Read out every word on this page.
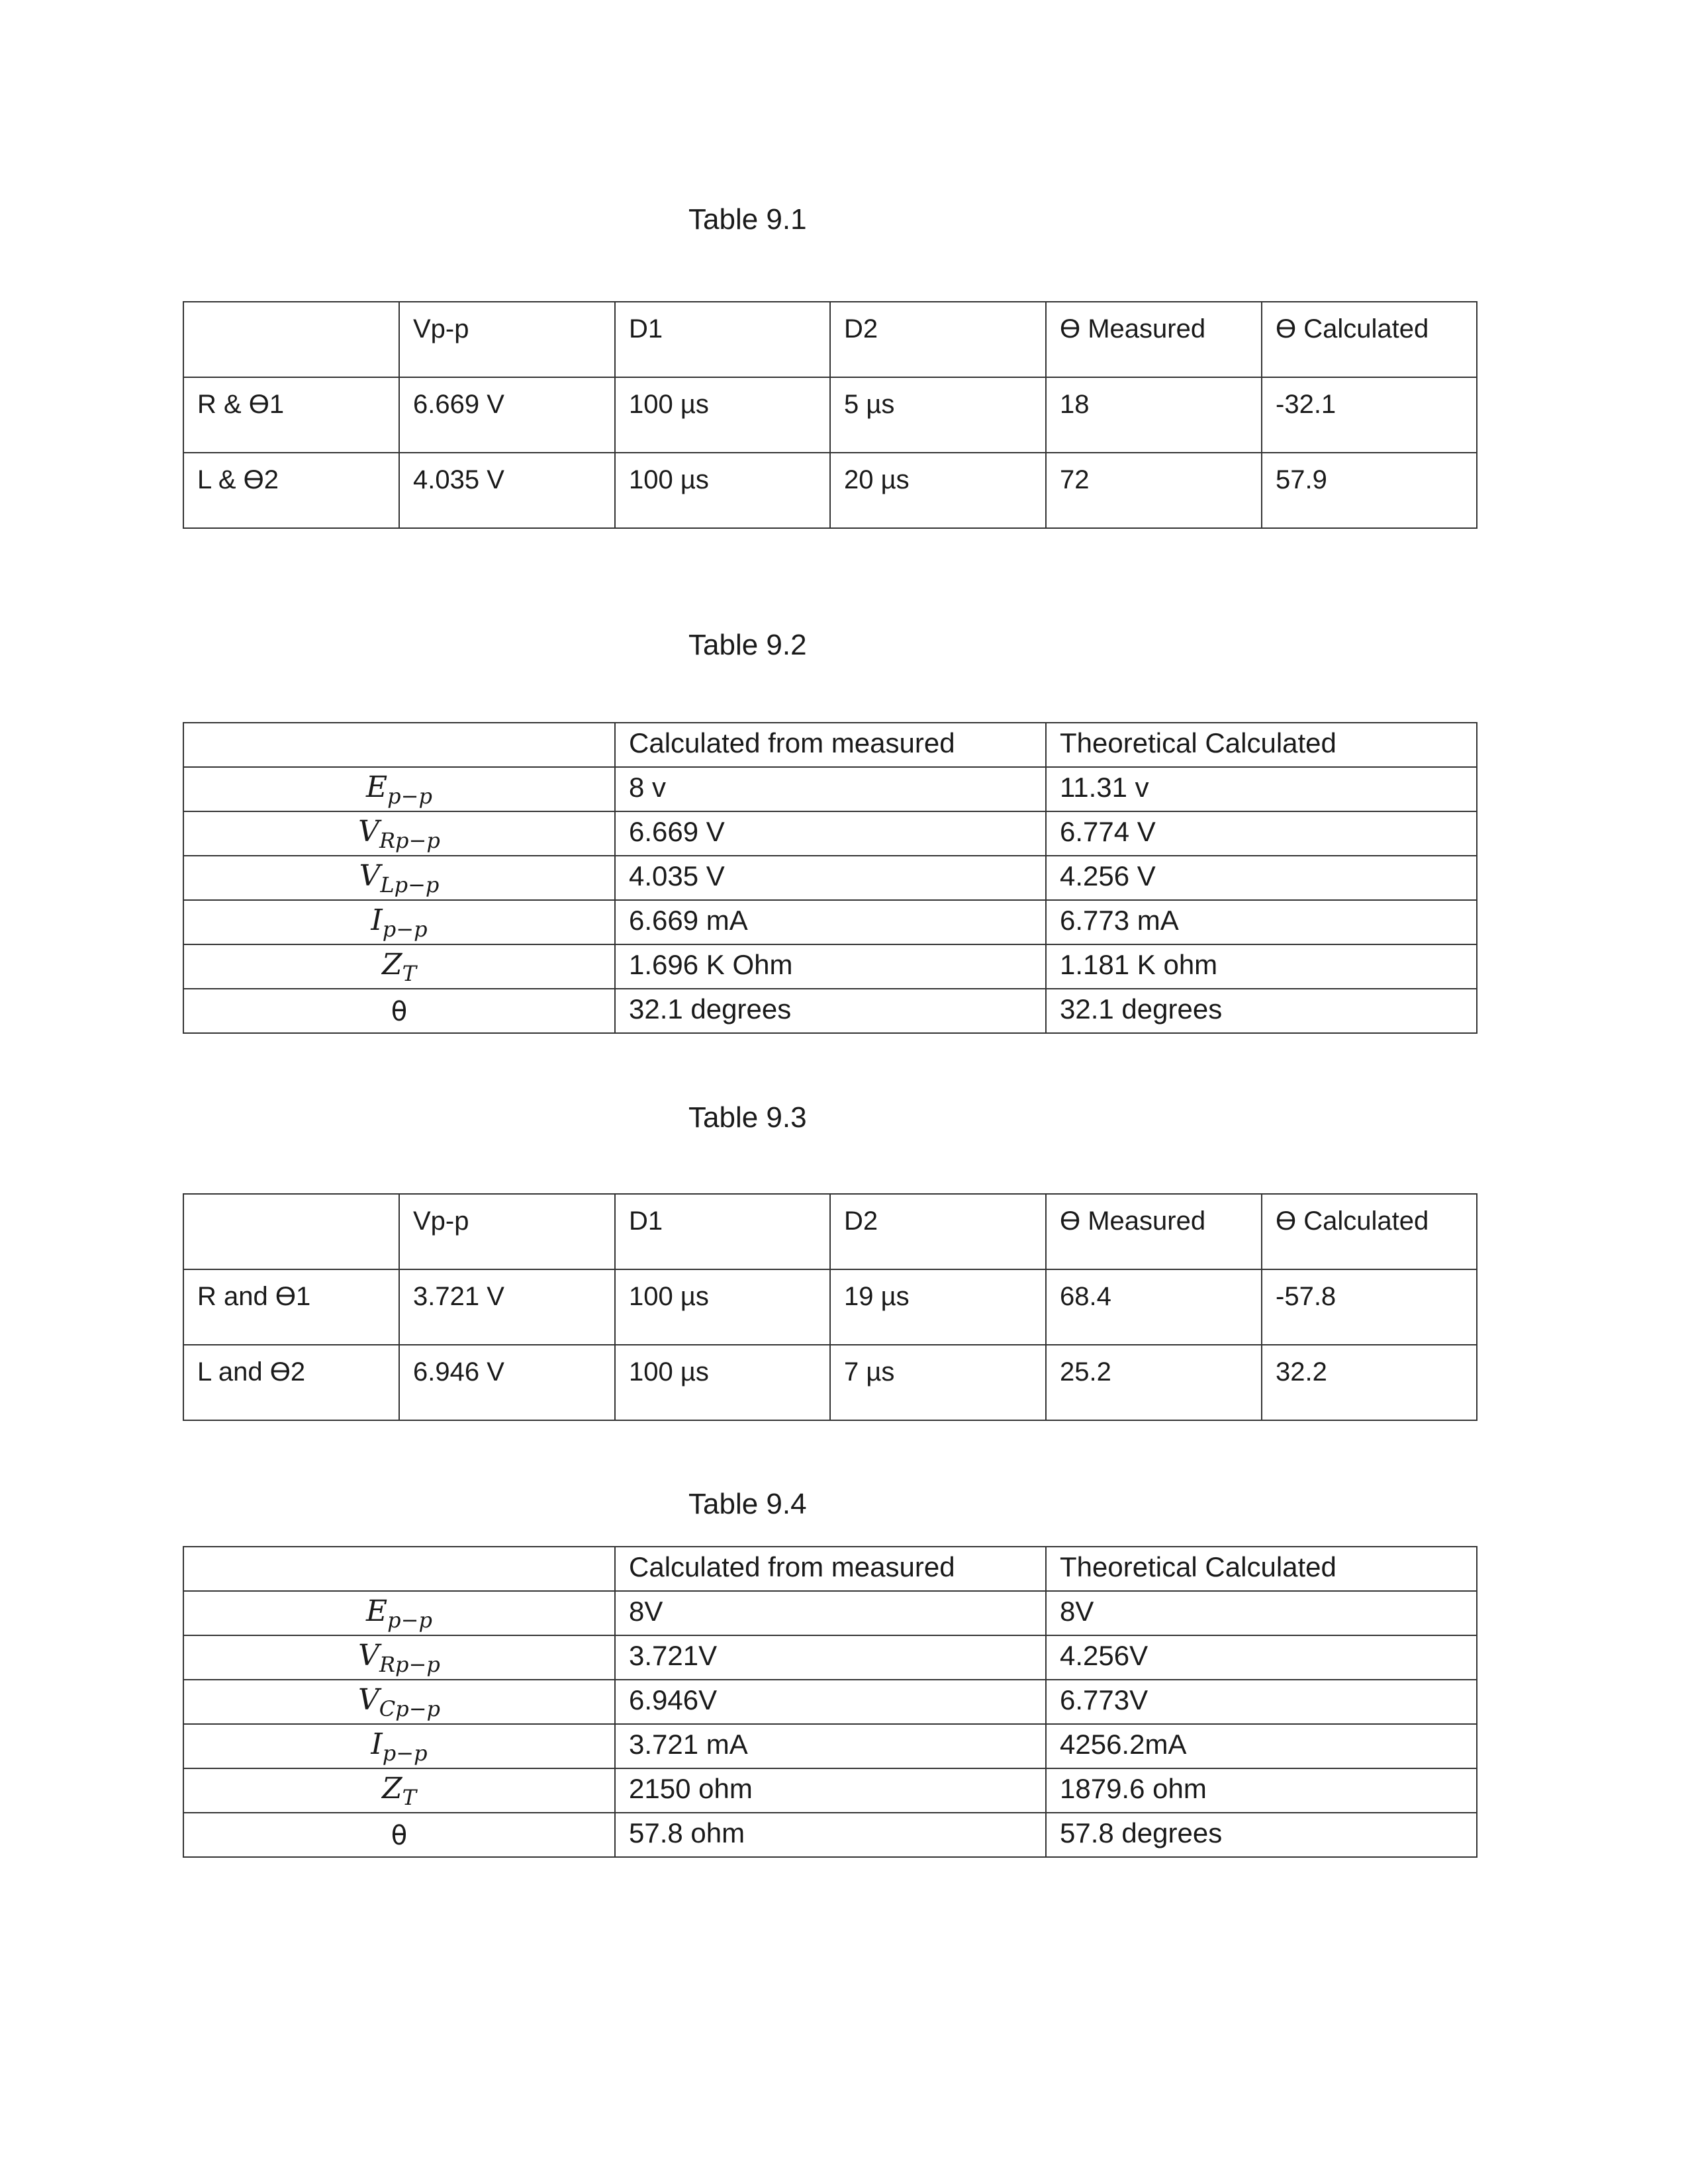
Table 9.1
	Vp-p	D1	D2	Ɵ Measured	Ɵ Calculated
R & Ɵ1	6.669 V	100 µs	5 µs	18	-32.1
L & Ɵ2	4.035 V	100 µs	20 µs	72	57.9
Table 9.2
	Calculated from measured	Theoretical Calculated
$E_{p-p}$	8 v	11.31 v
$V_{Rp-p}$	6.669 V	6.774 V
$V_{Lp-p}$	4.035 V	4.256 V
$I_{p-p}$	6.669 mA	6.773 mA
$Z_T$	1.696 K Ohm	1.181 K ohm
θ	32.1 degrees	32.1 degrees
Table 9.3
	Vp-p	D1	D2	Ɵ Measured	Ɵ Calculated
R and Ɵ1	3.721 V	100 µs	19 µs	68.4	-57.8
L and Ɵ2	6.946 V	100 µs	7 µs	25.2	32.2
Table 9.4
	Calculated from measured	Theoretical Calculated
$E_{p-p}$	8V	8V
$V_{Rp-p}$	3.721V	4.256V
$V_{Cp-p}$	6.946V	6.773V
$I_{p-p}$	3.721 mA	4256.2mA
$Z_T$	2150 ohm	1879.6 ohm
θ	57.8 ohm	57.8 degrees
